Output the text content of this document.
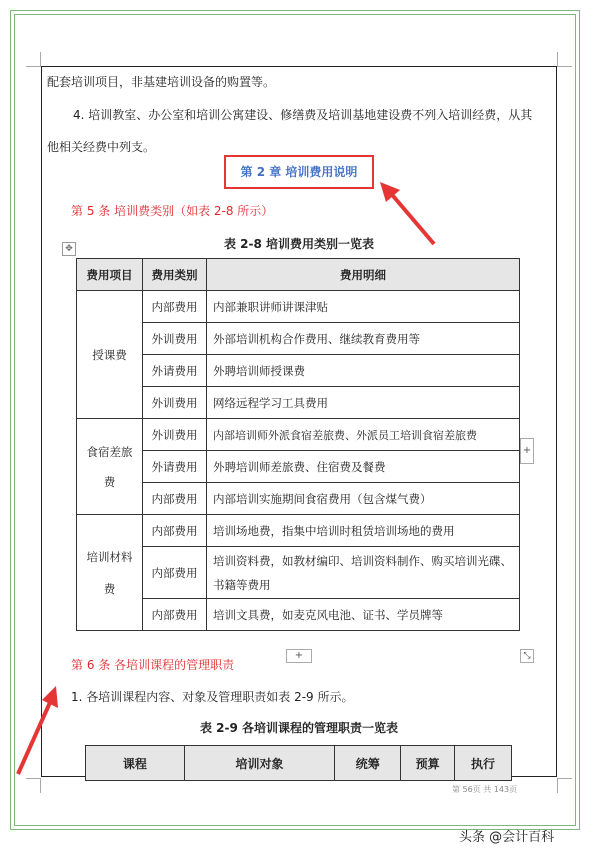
配套培训项目，非基建培训设备的购置等。
4. 培训教室、办公室和培训公寓建设、修缮费及培训基地建设费不列入培训经费，从其
他相关经费中列支。
第 2 章 培训费用说明
第 5 条 培训费类别（如表 2-8 所示）
✥	表 2-8 培训费用类别一览表
费用项目	费用类别	费用明细
授课费	内部费用	内部兼职讲师讲课津贴
	外训费用	外部培训机构合作费用、继续教育费用等
	外请费用	外聘培训师授课费
	外训费用	网络远程学习工具费用

食宿差旅
费	外训费用	内部培训师外派食宿差旅费、外派员工培训食宿差旅费
	外请费用	外聘培训师差旅费、住宿费及餐费
	内部费用	内部培训实施期间食宿费用（包含煤气费）

培训材料
费	内部费用	培训场地费，指集中培训时租赁培训场地的费用
	内部费用	培训资料费，如教材编印、培训资料制作、购买培训光碟、
书籍等费用

	内部费用	培训文具费，如麦克风电池、证书、学员牌等
+
+	⤡
第 6 条 各培训课程的管理职责
1. 各培训课程内容、对象及管理职责如表 2-9 所示。
表 2-9 各培训课程的管理职责一览表
课程	培训对象	统筹	预算	执行
第 56页 共 143页
头条 @会计百科
